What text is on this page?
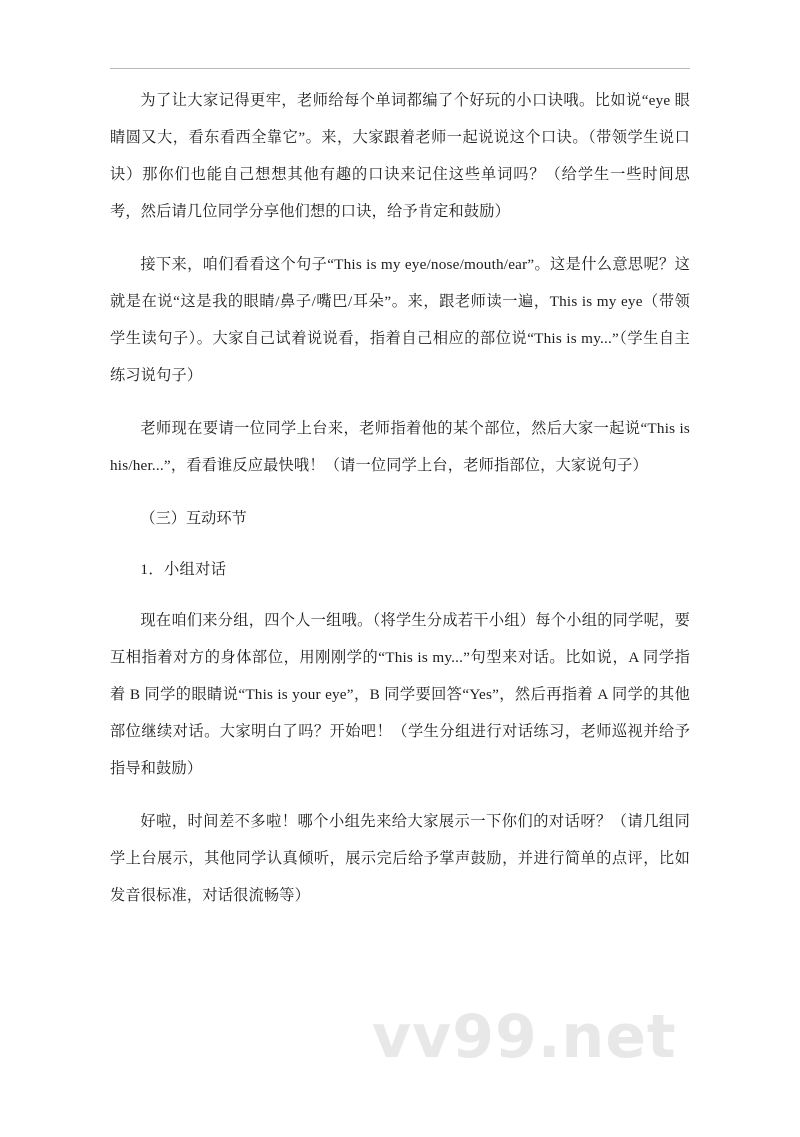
为了让大家记得更牢，老师给每个单词都编了个好玩的小口诀哦。比如说“eye 眼睛圆又大，看东看西全靠它”。来，大家跟着老师一起说说这个口诀。（带领学生说口诀）那你们也能自己想想其他有趣的口诀来记住这些单词吗？（给学生一些时间思考，然后请几位同学分享他们想的口诀，给予肯定和鼓励）

接下来，咱们看看这个句子“This is my eye/nose/mouth/ear”。这是什么意思呢？这就是在说“这是我的眼睛/鼻子/嘴巴/耳朵”。来，跟老师读一遍，This is my eye（带领学生读句子）。大家自己试着说说看，指着自己相应的部位说“This is my...”（学生自主练习说句子）

老师现在要请一位同学上台来，老师指着他的某个部位，然后大家一起说“This is his/her...”，看看谁反应最快哦！（请一位同学上台，老师指部位，大家说句子）

（三）互动环节

1．小组对话

现在咱们来分组，四个人一组哦。（将学生分成若干小组）每个小组的同学呢，要互相指着对方的身体部位，用刚刚学的“This is my...”句型来对话。比如说，A 同学指着 B 同学的眼睛说“This is your eye”，B 同学要回答“Yes”，然后再指着 A 同学的其他部位继续对话。大家明白了吗？开始吧！（学生分组进行对话练习，老师巡视并给予指导和鼓励）

好啦，时间差不多啦！哪个小组先来给大家展示一下你们的对话呀？（请几组同学上台展示，其他同学认真倾听，展示完后给予掌声鼓励，并进行简单的点评，比如发音很标准，对话很流畅等）

vv99.net
